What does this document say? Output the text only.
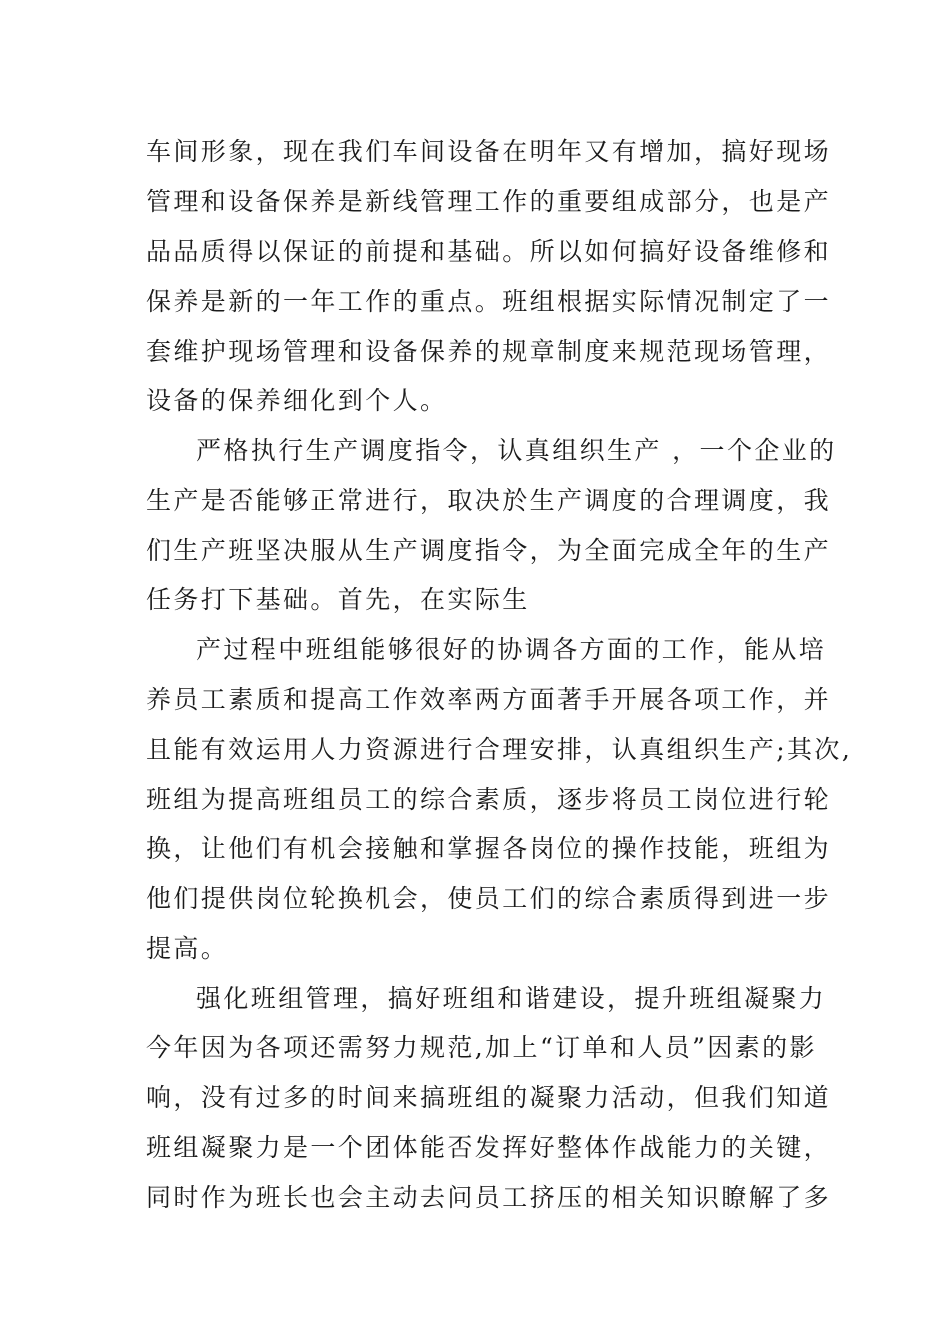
车间形象，现在我们车间设备在明年又有增加，搞好现场
管理和设备保养是新线管理工作的重要组成部分，也是产
品品质得以保证的前提和基础。所以如何搞好设备维修和
保养是新的一年工作的重点。班组根据实际情况制定了一
套维护现场管理和设备保养的规章制度来规范现场管理，
设备的保养细化到个人。
严格执行生产调度指令，认真组织生产 ，一个企业的
生产是否能够正常进行，取决於生产调度的合理调度，我
们生产班坚决服从生产调度指令，为全面完成全年的生产
任务打下基础。首先，在实际生
产过程中班组能够很好的协调各方面的工作，能从培
养员工素质和提高工作效率两方面著手开展各项工作，并
且能有效运用人力资源进行合理安排，认真组织生产;其次,
班组为提高班组员工的综合素质，逐步将员工岗位进行轮
换，让他们有机会接触和掌握各岗位的操作技能，班组为
他们提供岗位轮换机会，使员工们的综合素质得到进一步
提高。
强化班组管理，搞好班组和谐建设，提升班组凝聚力
今年因为各项还需努力规范,加上“订单和人员”因素的影
响，没有过多的时间来搞班组的凝聚力活动，但我们知道
班组凝聚力是一个团体能否发挥好整体作战能力的关键，
同时作为班长也会主动去问员工挤压的相关知识瞭解了多
